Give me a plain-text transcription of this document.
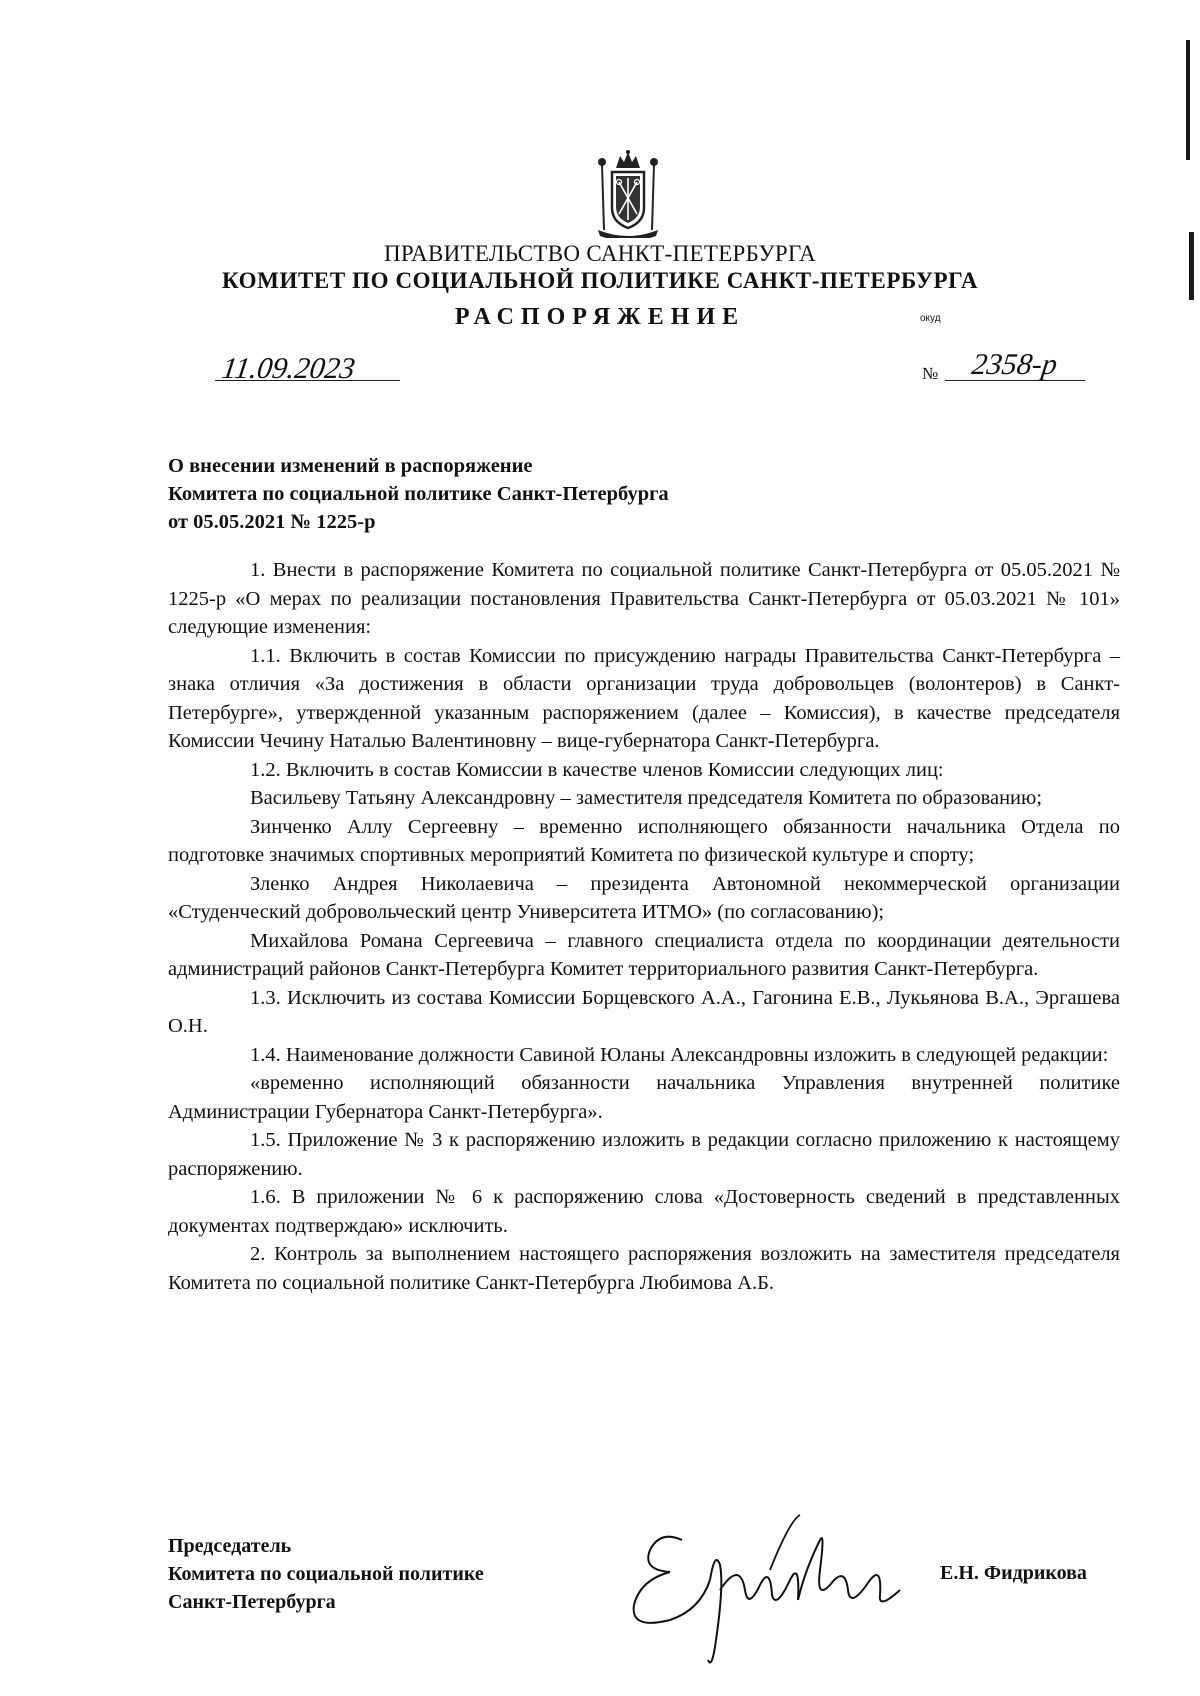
ПРАВИТЕЛЬСТВО САНКТ-ПЕТЕРБУРГА
КОМИТЕТ ПО СОЦИАЛЬНОЙ ПОЛИТИКЕ САНКТ-ПЕТЕРБУРГА
РАСПОРЯЖЕНИЕ	окуд
11.09.2023	№ 2358-р
О внесении изменений в распоряжение
Комитета по социальной политике Санкт-Петербурга
от 05.05.2021 № 1225-р

1. Внести в распоряжение Комитета по социальной политике Санкт-Петербурга от 05.05.2021 № 1225-р «О мерах по реализации постановления Правительства Санкт-Петербурга от 05.03.2021 № 101» следующие изменения:

1.1. Включить в состав Комиссии по присуждению награды Правительства Санкт-Петербурга – знака отличия «За достижения в области организации труда добровольцев (волонтеров) в Санкт-Петербурге», утвержденной указанным распоряжением (далее – Комиссия), в качестве председателя Комиссии Чечину Наталью Валентиновну – вице-губернатора Санкт-Петербурга.

1.2. Включить в состав Комиссии в качестве членов Комиссии следующих лиц:

Васильеву Татьяну Александровну – заместителя председателя Комитета по образованию;

Зинченко Аллу Сергеевну – временно исполняющего обязанности начальника Отдела по подготовке значимых спортивных мероприятий Комитета по физической культуре и спорту;

Зленко Андрея Николаевича – президента Автономной некоммерческой организации «Студенческий добровольческий центр Университета ИТМО» (по согласованию);

Михайлова Романа Сергеевича – главного специалиста отдела по координации деятельности администраций районов Санкт-Петербурга Комитет территориального развития Санкт-Петербурга.

1.3. Исключить из состава Комиссии Борщевского А.А., Гагонина Е.В., Лукьянова В.А., Эргашева О.Н.

1.4. Наименование должности Савиной Юланы Александровны изложить в следующей редакции:

«временно исполняющий обязанности начальника Управления внутренней политике Администрации Губернатора Санкт-Петербурга».

1.5. Приложение № 3 к распоряжению изложить в редакции согласно приложению к настоящему распоряжению.

1.6. В приложении № 6 к распоряжению слова «Достоверность сведений в представленных документах подтверждаю» исключить.

2. Контроль за выполнением настоящего распоряжения возложить на заместителя председателя Комитета по социальной политике Санкт-Петербурга Любимова А.Б.

Председатель
Комитета по социальной политике
Санкт-Петербурга
Е.Н. Фидрикова
